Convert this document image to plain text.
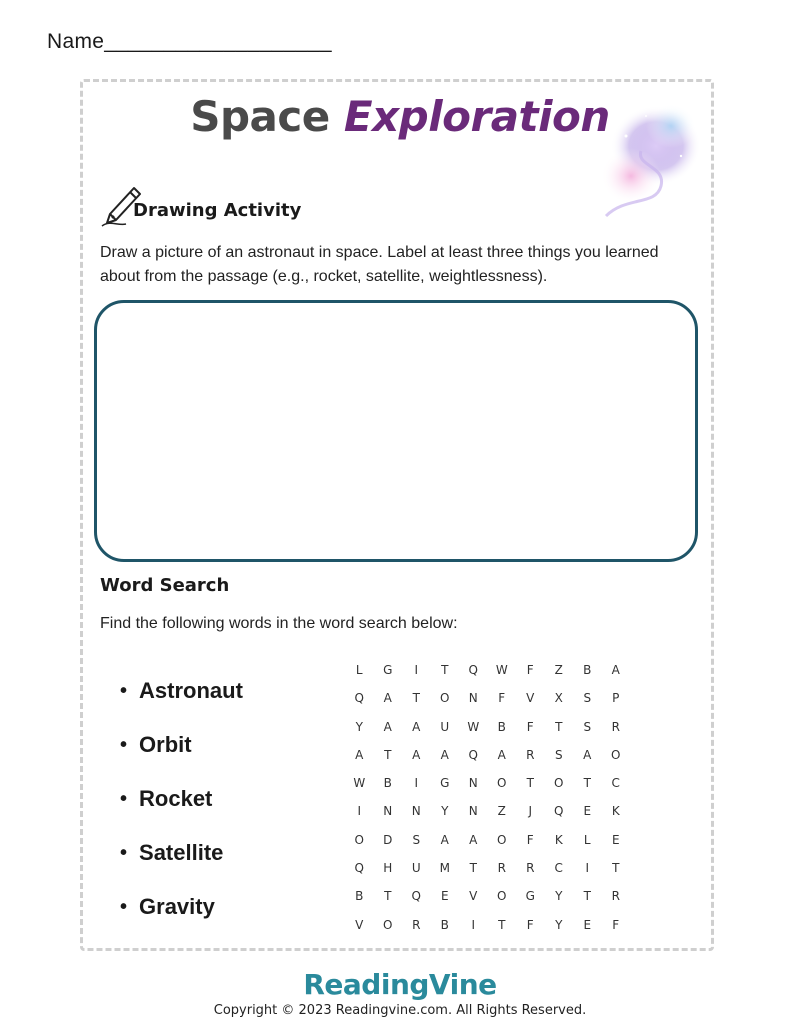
Name___________________
Space Exploration
Drawing Activity
Draw a picture of an astronaut in space. Label at least three things you learned about from the passage (e.g., rocket, satellite, weightlessness).
Word Search
Find the following words in the word search below:
• Astronaut
• Orbit
• Rocket
• Satellite
• Gravity
L	G	I	T	Q	W	F	Z	B	A
Q	A	T	O	N	F	V	X	S	P
Y	A	A	U	W	B	F	T	S	R
A	T	A	A	Q	A	R	S	A	O
W	B	I	G	N	O	T	O	T	C
I	N	N	Y	N	Z	J	Q	E	K
O	D	S	A	A	O	F	K	L	E
Q	H	U	M	T	R	R	C	I	T
B	T	Q	E	V	O	G	Y	T	R
V	O	R	B	I	T	F	Y	E	F
ReadingVine
Copyright © 2023 Readingvine.com. All Rights Reserved.
